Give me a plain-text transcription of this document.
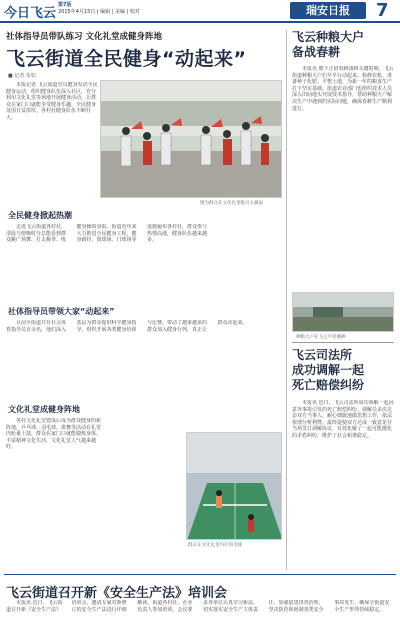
今日飞云
第7版
2015年4月15日 | 编辑 | 美编 | 校对	瑞安日报	7
社体指导员带队练习 文化礼堂成健身阵地
飞云街道全民健身“动起来”
■ 记者 朱如

本报记者 飞云街道党员健身发动全民健身运动，组织健身队伍深入社区，充分利用文化礼堂等场地开展健身活动，让群众在家门口就能享受健身乐趣，全民健身氛围日益浓厚，各村社健身队伍不断壮大。

图为群众在文化礼堂练习太极扇
全民健身掀起热潮

走进飞云街道各村社，清晨与傍晚时分总能看到群众跳广场舞、打太极拳、练健身操的身影。街道近年来大力推进全民健身工程，健身路径、篮球场、门球场等设施遍布各村社，群众参与热情高涨，健身队伍越来越多。

社体指导员带领大家“动起来”

目前全街道共有社会体育指导员百余名，他们深入基层为群众提供科学健身指导，组织开展各类健身培训与比赛，带动了越来越多的群众加入健身行列，真正让群众动起来。

文化礼堂成健身阵地

各村文化礼堂建成后成为群众健身的新阵地，乒乓球、羽毛球、排舞等活动在礼堂内轮番上演，群众在家门口就能锻炼身体、丰富精神文化生活，文化礼堂人气越来越旺。

群众在文化礼堂内打羽毛球
飞云种粮大户
备战春耕

本报讯 眼下正值春耕备耕关键时期，飞云街道种粮大户们早早行动起来，检修农机、准备种子化肥、平整土地，为新一年的粮食生产打下坚实基础。街道农业部门也组织技术人员深入田间地头开展技术指导，帮助种粮大户解决生产中遇到的实际问题，确保春耕生产顺利进行。

种粮大户在飞云平原播种
飞云司法所
成功调解一起
死亡赔偿纠纷

本报讯 近日，飞云司法所成功调解一起因意外事故引发的死亡赔偿纠纷。调解员多次走访双方当事人，耐心细致地做思想工作，依法依理分析利弊，最终促使双方达成一致意见并当场签订调解协议，有效化解了一起可能激化的矛盾纠纷，维护了社会和谐稳定。

飞云街道召开新《安全生产法》培训会

本报讯 近日，飞云街道召开新《安全生产法》培训会，邀请专家对新修订的安全生产法进行详细解读。街道各村社、企业负责人参加培训。会议要求各单位认真学习新法，切实落实安全生产主体责任，加强隐患排查治理，坚决防范和遏制各类安全事故发生，确保全街道安全生产形势持续稳定。
